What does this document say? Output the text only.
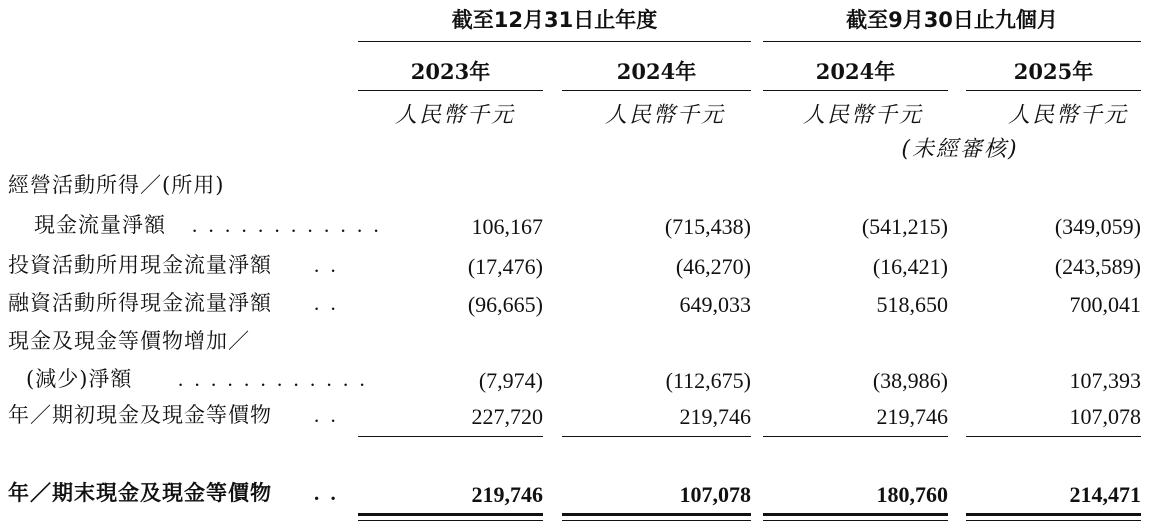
截至12月31日止年度	截至9月30日止九個月
2023年	2024年	2024年	2025年
人民幣千元	人民幣千元	人民幣千元	人民幣千元
(未經審核)
經營活動所得／(所用)
現金流量淨額 . . . . . . . . . . . .	106,167	(715,438)	(541,215)	(349,059)
投資活動所用現金流量淨額 . .	(17,476)	(46,270)	(16,421)	(243,589)
融資活動所得現金流量淨額 . .	(96,665)	649,033	518,650	700,041
現金及現金等價物增加／
(減少)淨額 . . . . . . . . . . . .	(7,974)	(112,675)	(38,986)	107,393
年／期初現金及現金等價物 . .	227,720	219,746	219,746	107,078
年／期末現金及現金等價物 . .	219,746	107,078	180,760	214,471
